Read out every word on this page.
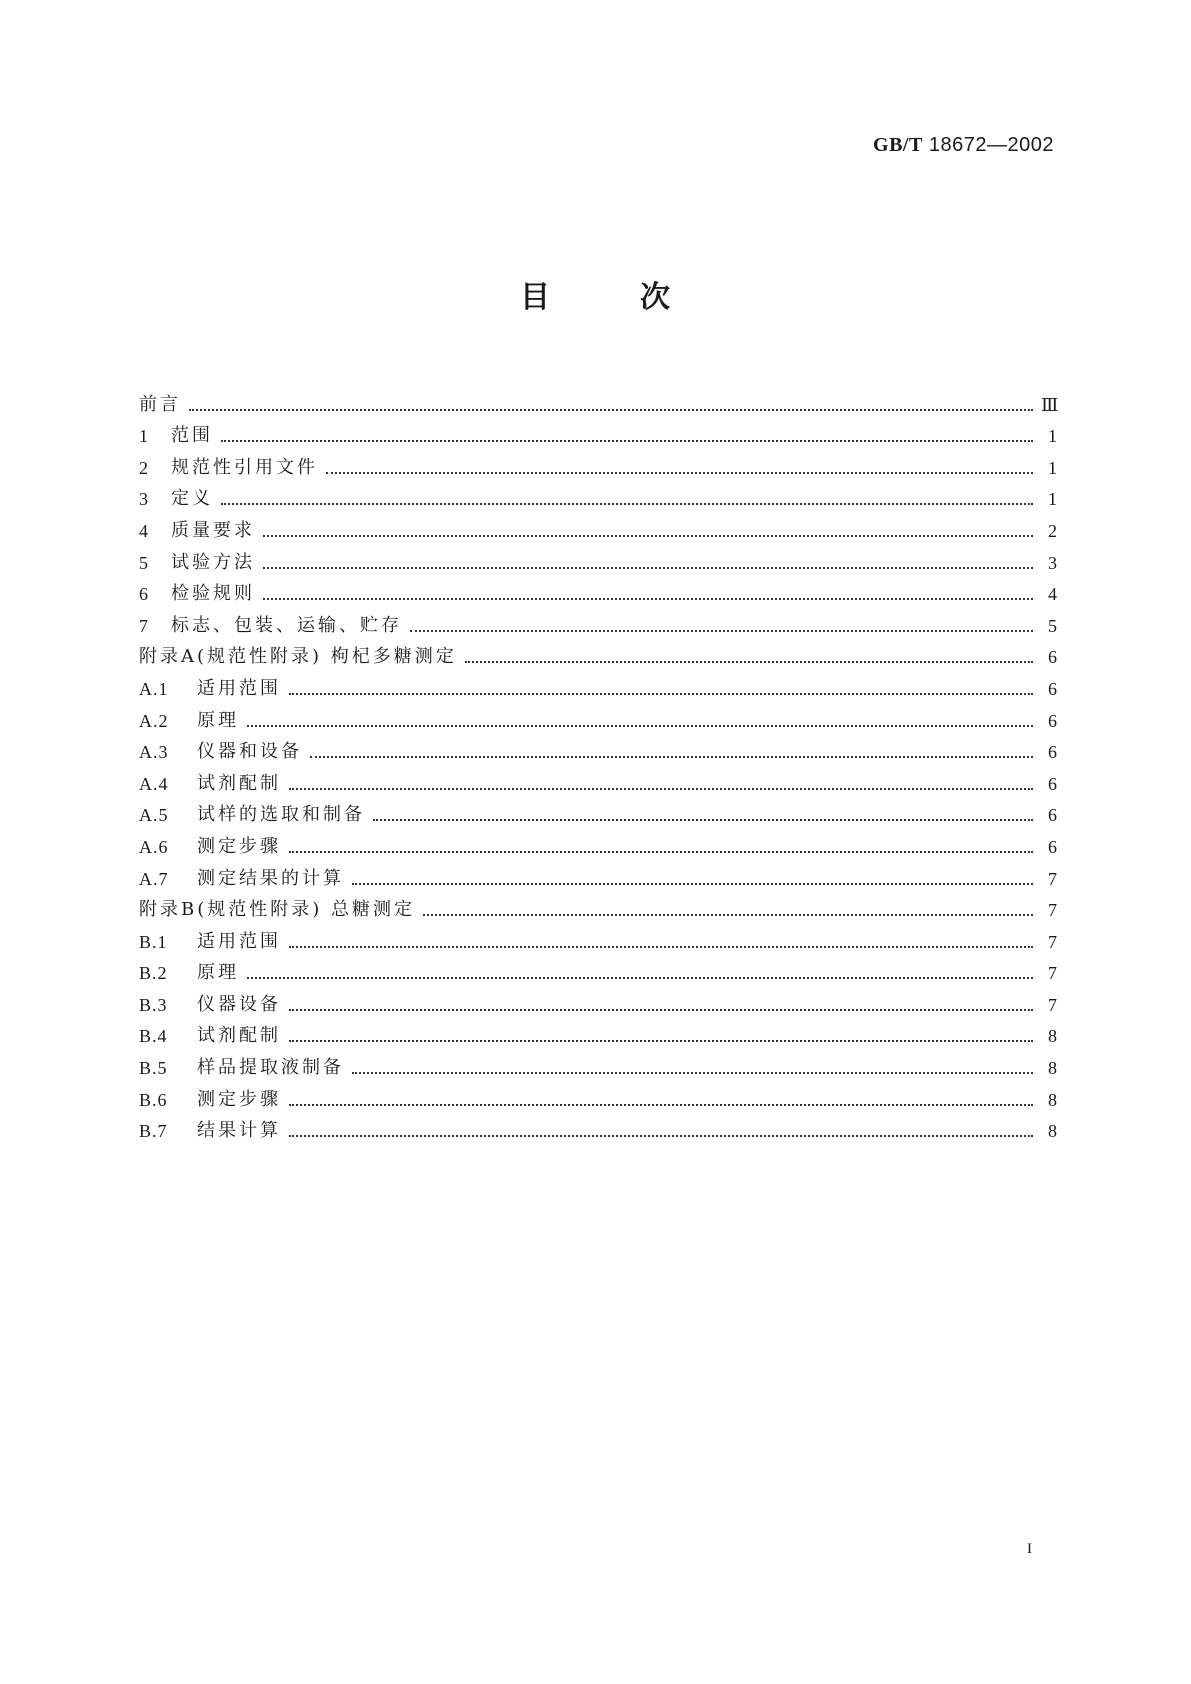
GB/T 18672—2002
目	次
前言	Ⅲ
1	范围	1
2	规范性引用文件	1
3	定义	1
4	质量要求	2
5	试验方法	3
6	检验规则	4
7	标志、包装、运输、贮存	5
附录A(规范性附录) 枸杞多糖测定	6
A.1	适用范围	6
A.2	原理	6
A.3	仪器和设备	6
A.4	试剂配制	6
A.5	试样的选取和制备	6
A.6	测定步骤	6
A.7	测定结果的计算	7
附录B(规范性附录) 总糖测定	7
B.1	适用范围	7
B.2	原理	7
B.3	仪器设备	7
B.4	试剂配制	8
B.5	样品提取液制备	8
B.6	测定步骤	8
B.7	结果计算	8
I
